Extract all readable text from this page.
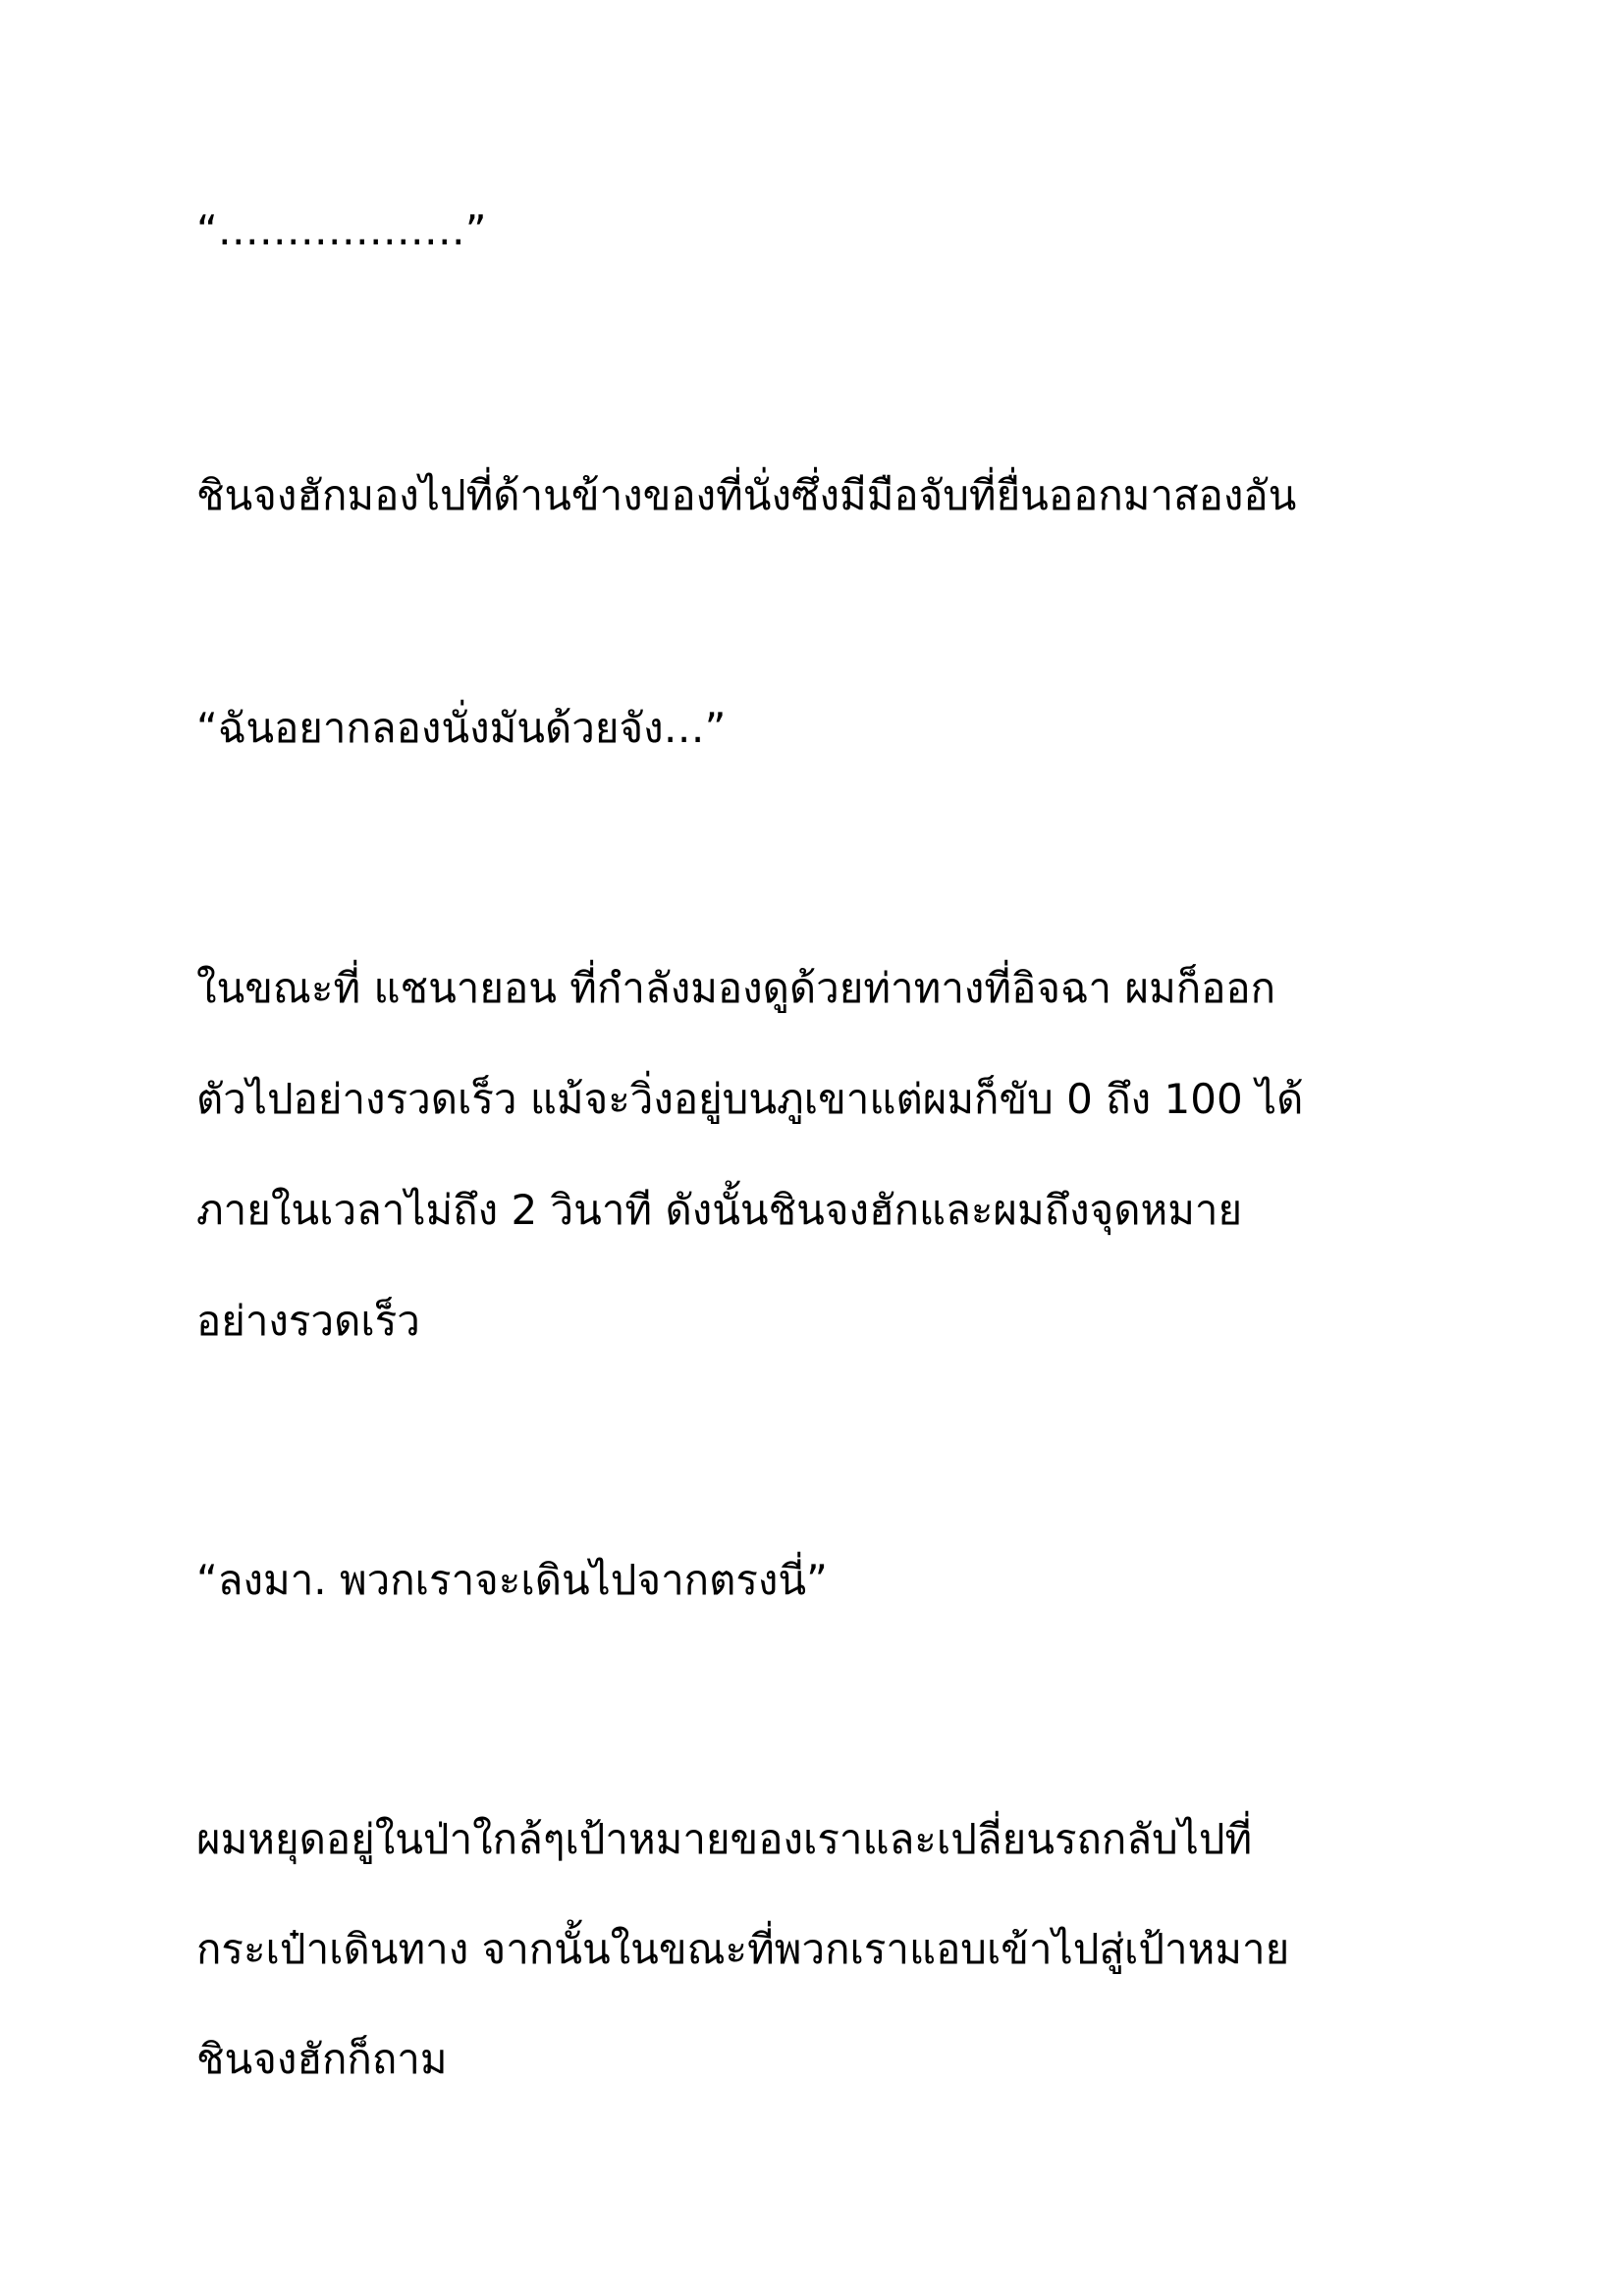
“………………”

ชินจงฮักมองไปที่ด้านข้างของที่นั่งซึ่งมีมือจับที่ยื่นออกมาสองอัน

“ฉันอยากลองนั่งมันด้วยจัง…”

ในขณะที่ แชนายอน ที่กำลังมองดูด้วยท่าทางที่อิจฉา ผมก็ออก

ตัวไปอย่างรวดเร็ว แม้จะวิ่งอยู่บนภูเขาแต่ผมก็ขับ 0 ถึง 100 ได้

ภายในเวลาไม่ถึง 2 วินาที ดังนั้นชินจงฮักและผมถึงจุดหมาย

อย่างรวดเร็ว

“ลงมา. พวกเราจะเดินไปจากตรงนี่”

ผมหยุดอยู่ในป่าใกล้ๆเป้าหมายของเราและเปลี่ยนรถกลับไปที่

กระเป๋าเดินทาง จากนั้นในขณะที่พวกเราแอบเข้าไปสู่เป้าหมาย

ชินจงฮักก็ถาม
